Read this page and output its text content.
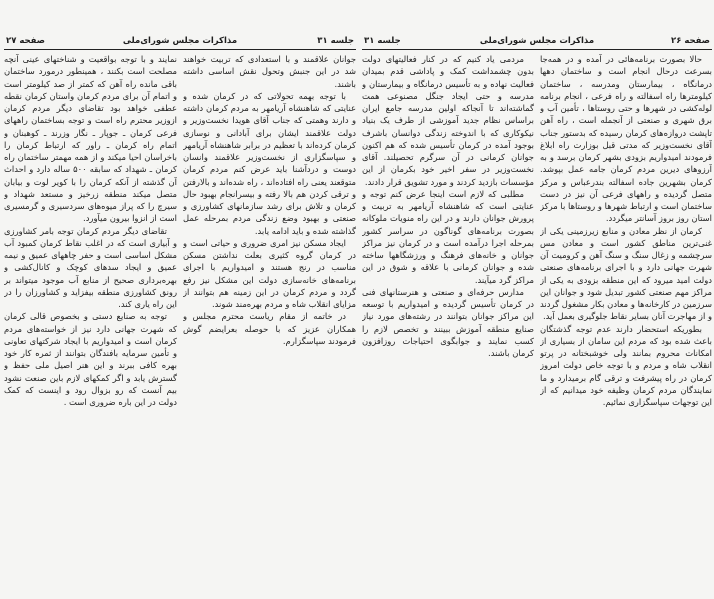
صفحه ۲۶
مذاکرات مجلس شورای‌ملی
جلسه ۳۱

حالا بصورت برنامه‌هائی در آمده و در همه‌جا بسرعت درحال انجام است و ساختمان دهها درمانگاه ، بیمارستان ومدرسه ، ساختمان کیلومترها راه اسفالته و راه فرعی ، انجام برنامه لوله‌کشی در شهرها و حتی روستاها ، تأمین آب و برق شهری و صنعتی از آنجمله است ، راه آهن تاپشت دروازه‌های کرمان رسیده که بدستور جناب آقای نخست‌وزیر که مدتی قبل بوزارت راه ابلاغ فرمودند امیدواریم بزودی بشهر کرمان برسد و به آرزوهای دیرین مردم کرمان جامه عمل بپوشد. کرمان بشهرین جاده اسفالته بندرعباس و مرکز متصل گردیده و راههای فرعی آن نیز در دست ساختمان است و ارتباط شهرها و روستاها با مرکز استان روز بروز آسانتر میگردد.

کرمان از نظر معادن و منابع زیرزمینی یکی از غنی‌ترین مناطق کشور است و معادن مس سرچشمه و زغال سنگ و سنگ آهن و کرومیت آن شهرت جهانی دارد و با اجرای برنامه‌های صنعتی دولت امید میرود که این منطقه بزودی به یکی از مراکز مهم صنعتی کشور تبدیل شود و جوانان این سرزمین در کارخانه‌ها و معادن بکار مشغول گردند و از مهاجرت آنان بسایر نقاط جلوگیری بعمل آید.

بطوریکه استحضار دارند عدم توجه گذشتگان باعث شده بود که مردم این سامان از بسیاری از امکانات محروم بمانند ولی خوشبختانه در پرتو انقلاب شاه و مردم و با توجه خاص دولت امروز کرمان در راه پیشرفت و ترقی گام برمیدارد و ما نمایندگان مردم کرمان وظیفه خود میدانیم که از این توجهات سپاسگزاری نمائیم.

مردمی یاد کنیم که در کنار فعالیتهای دولت بدون چشمداشت کمک و پاداشی قدم بمیدان فعالیت نهاده و به تأسیس درمانگاه و بیمارستان و مدرسه و حتی ایجاد جنگل مصنوعی همت گماشته‌اند تا آنجاکه اولین مدرسه جامع ایران براساس نظام جدید آموزشی از طرف یک بنیاد نیکوکاری که با اندوخته زندگی دوانسان باشرف بوجود آمده در کرمان تأسیس شده که هم اکنون جوانان کرمانی در آن سرگرم تحصیلند. آقای نخست‌وزیر در سفر اخیر خود بکرمان از این مؤسسات بازدید کردند و مورد تشویق قرار دادند.

مطلبی که لازم است اینجا عرض کنم توجه و عنایتی است که شاهنشاه آریامهر به تربیت و پرورش جوانان دارند و در این راه منویات ملوکانه بصورت برنامه‌های گوناگون در سراسر کشور بمرحله اجرا درآمده است و در کرمان نیز مراکز جوانان و خانه‌های فرهنگ و ورزشگاهها ساخته شده و جوانان کرمانی با علاقه و شوق در این مراکز گرد میآیند.

مدارس حرفه‌ای و صنعتی و هنرستانهای فنی در کرمان تأسیس گردیده و امیدواریم با توسعه این مراکز جوانان بتوانند در رشته‌های مورد نیاز صنایع منطقه آموزش ببینند و تخصص لازم را کسب نمایند و جوابگوی احتیاجات روزافزون کرمان باشند.

جلسه ۳۱
مذاکرات مجلس شورای‌ملی
صفحه ۲۷

جوانان علاقمند و با استعدادی که تربیت خواهند شد در این جنبش وتحول نقش اساسی داشته باشند.

با توجه بهمه تحولاتی که در کرمان شده و عنایتی که شاهنشاه آریامهر به مردم کرمان داشته و دارند وهمتی که جناب آقای هویدا نخست‌وزیر و دولت علاقمند ایشان برای آبادانی و نوسازی کرمان کرده‌اند با تعظیم در برابر شاهنشاه آریامهر و سپاسگزاری از نخست‌وزیر علاقمند وانسان دوست و دردآشنا باید عرض کنم مردم کرمان متوقعند یعنی راه افتاده‌اند ، راه شده‌اند و بالارفتن و ترقی کردن هم بالا رفته و بیسرانجام بهبود حال کرمان و تلاش برای رشد سازمانهای کشاورزی و صنعتی و بهبود وضع زندگی مردم بمرحله عمل گذاشته شده و باید ادامه یابد.

ایجاد مسکن نیز امری ضروری و حیاتی است و در کرمان گروه کثیری بعلت نداشتن مسکن مناسب در رنج هستند و امیدواریم با اجرای برنامه‌های خانه‌سازی دولت این مشکل نیز رفع گردد و مردم کرمان در این زمینه هم بتوانند از مزایای انقلاب شاه و مردم بهره‌مند شوند.

در خاتمه از مقام ریاست محترم مجلس و همکاران عزیز که با حوصله بعرایضم گوش فرمودند سپاسگزارم.

نمایند و با توجه بواقعیت و شناختهای عینی آنچه مصلحت است بکنند ، همینطور درمورد ساختمان باقی مانده راه آهن که کمتر از صد کیلومتر است و اتمام آن برای مردم کرمان واستان کرمان نقطه عطفی خواهد بود تقاضای دیگر مردم کرمان ازوزیر محترم راه است و توجه بساختمان راههای فرعی کرمان ـ جوپار ـ نگار وزرند ـ کوهبنان و اتمام راه کرمان ـ راور که ارتباط کرمان را باخراسان احیا میکند و از همه مهمتر ساختمان راه کرمان ـ شهداد که سابقه ۵۰۰ ساله دارد و احداث آن گذشته از آنکه کرمان را با کویر لوت و بیابان متصل میکند منطقه زرخیز و مستعد شهداد و سیرچ را که پراز میوه‌های سردسیری و گرمسیری است از انزوا بیرون میآورد.

تقاضای دیگر مردم کرمان توجه بامر کشاورزی و آبیاری است که در اغلب نقاط کرمان کمبود آب مشکل اساسی است و حفر چاههای عمیق و نیمه عمیق و ایجاد سدهای کوچک و کانال‌کشی و بهره‌برداری صحیح از منابع آب موجود میتواند بر رونق کشاورزی منطقه بیفزاید و کشاورزان را در این راه یاری کند.

توجه به صنایع دستی و بخصوص قالی کرمان که شهرت جهانی دارد نیز از خواسته‌های مردم کرمان است و امیدواریم با ایجاد شرکتهای تعاونی و تأمین سرمایه بافندگان بتوانند از ثمره کار خود بهره کافی ببرند و این هنر اصیل ملی حفظ و گسترش یابد و اگر کمکهای لازم باین صنعت نشود بیم آنست که رو بزوال رود و اینست که کمک دولت در این باره ضروری است .
